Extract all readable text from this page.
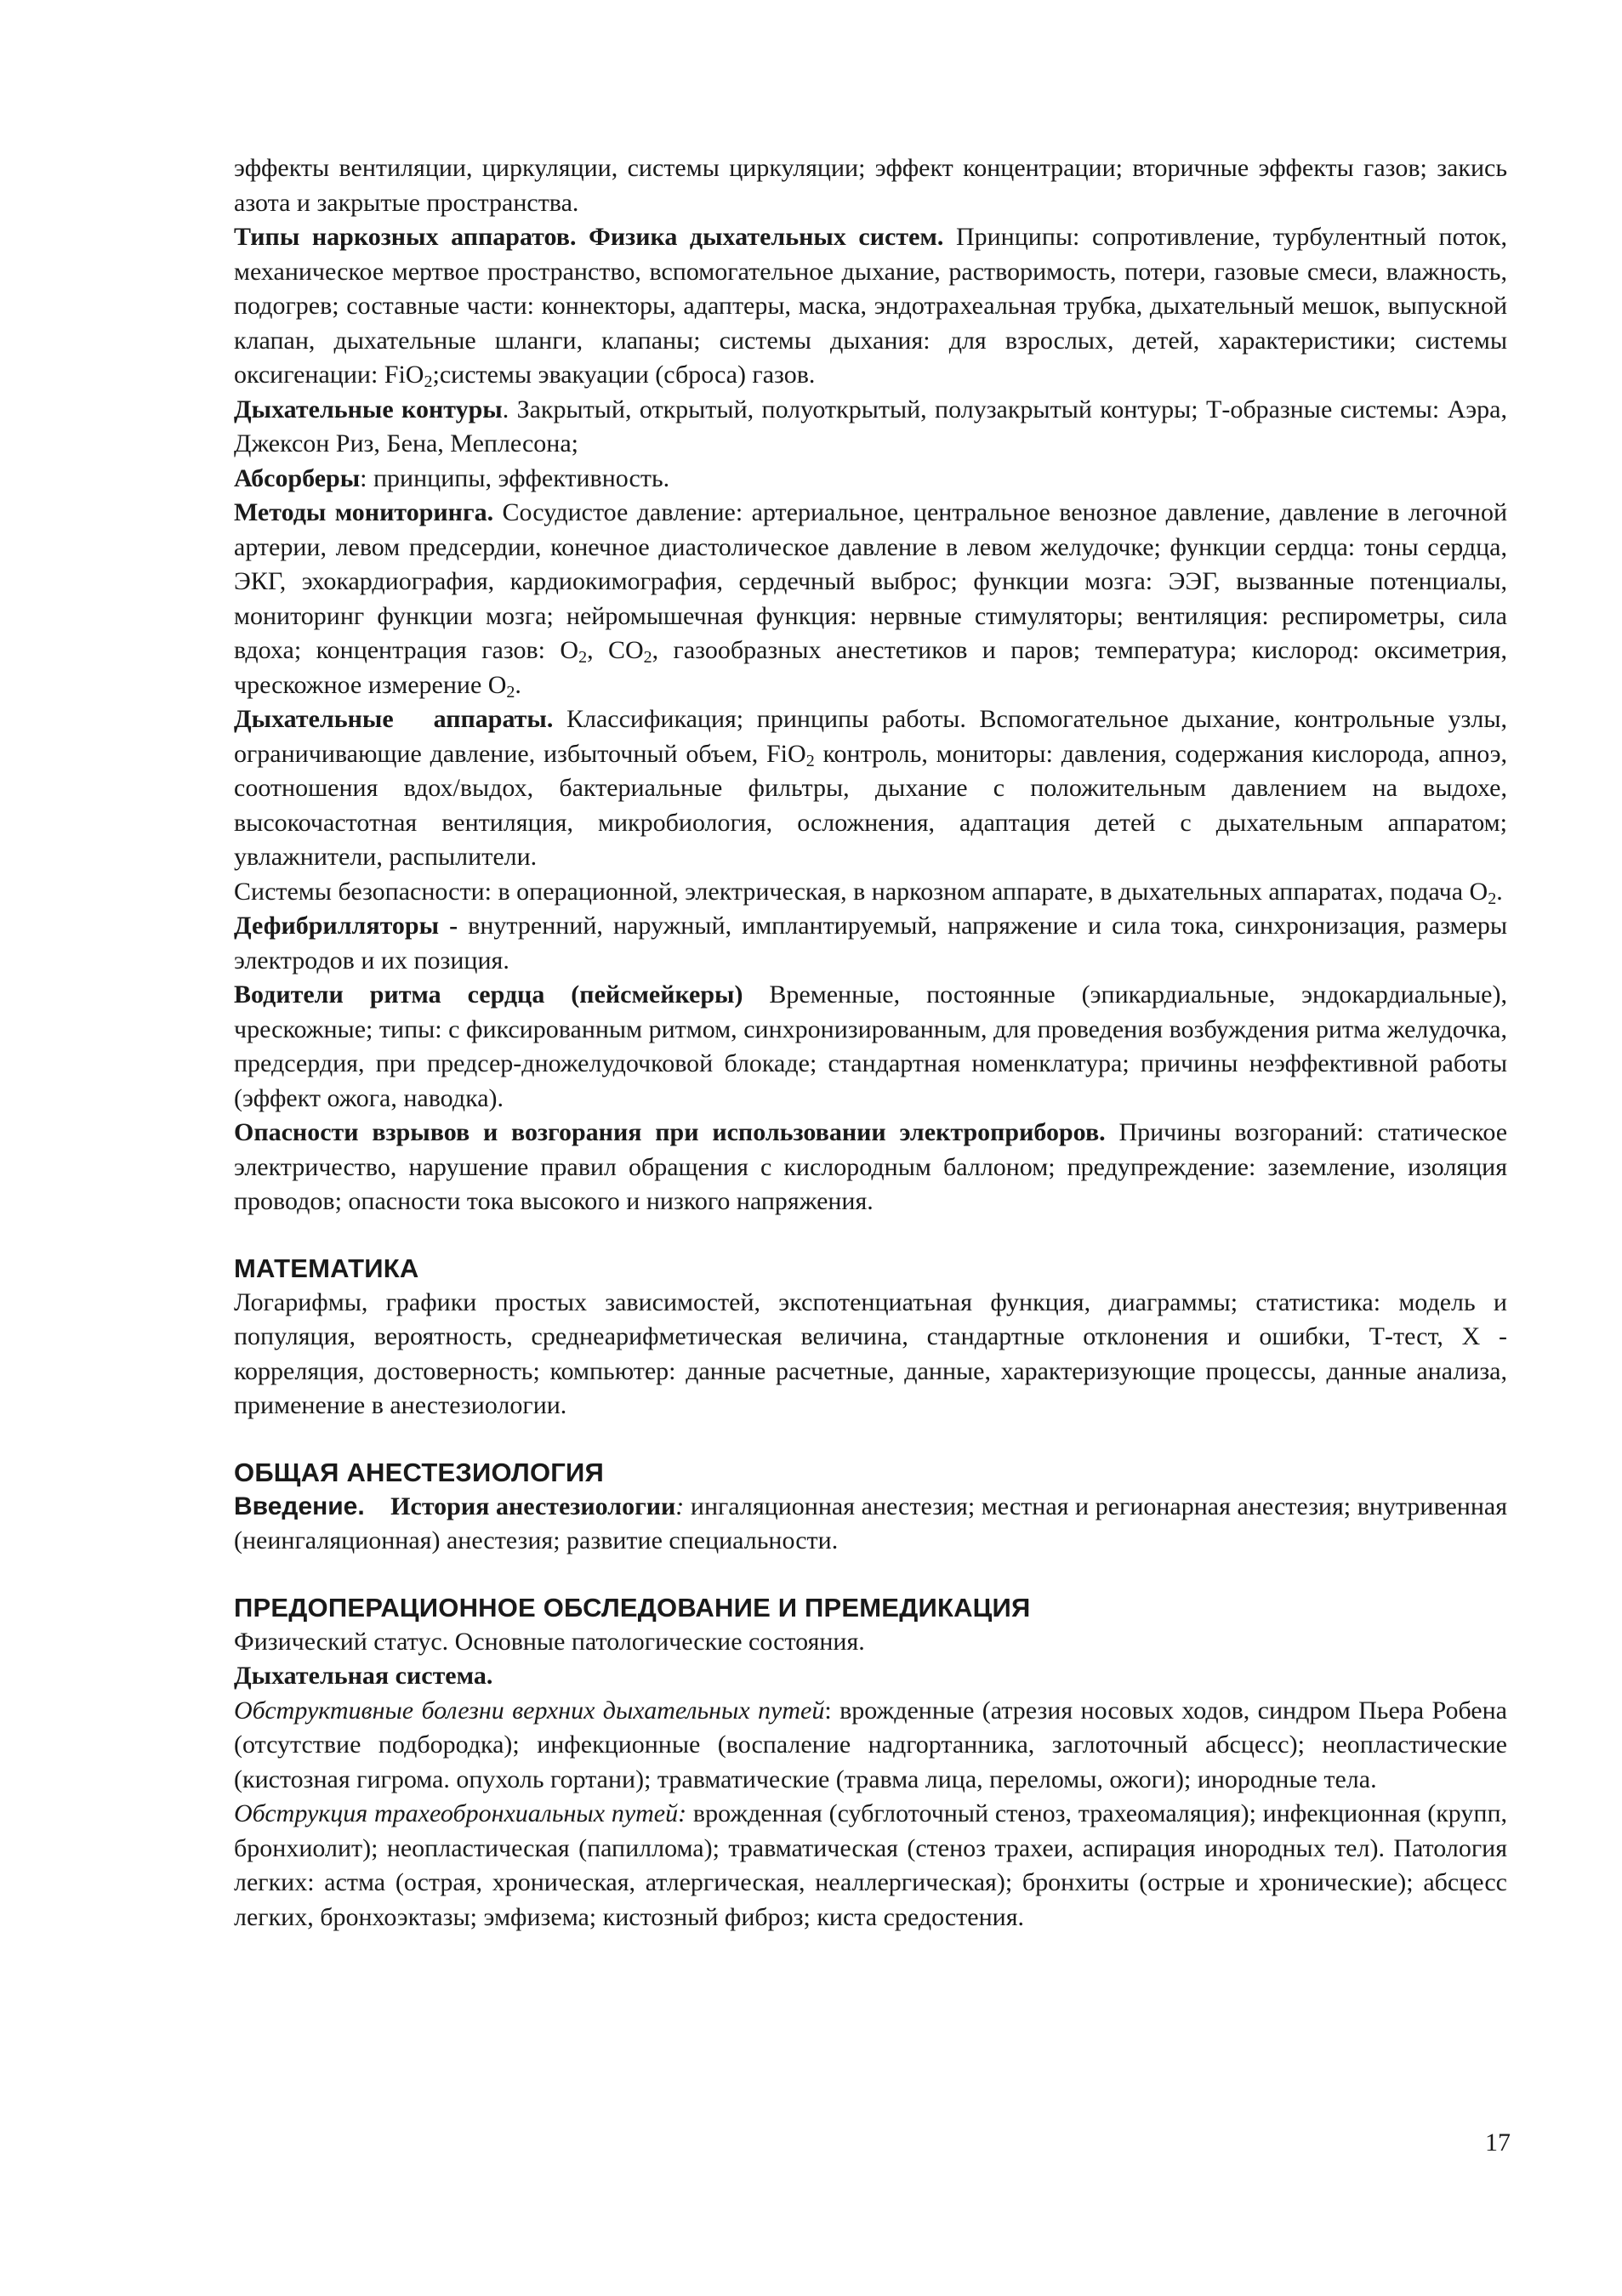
эффекты вентиляции, циркуляции, системы циркуляции; эффект концентрации; вторичные эффекты газов; закись азота и закрытые пространства.

Типы наркозных аппаратов. Физика дыхательных систем. Принципы: сопротивление, турбулентный поток, механическое мертвое пространство, вспомогательное дыхание, растворимость, потери, газовые смеси, влажность, подогрев; составные части: коннекторы, адаптеры, маска, эндотрахеальная трубка, дыхательный мешок, выпускной клапан, дыхательные шланги, клапаны; системы дыхания: для взрослых, детей, характеристики; системы оксигенации: FiO$_2$;системы эвакуации (сброса) газов.

Дыхательные контуры. Закрытый, открытый, полуоткрытый, полузакрытый контуры; Т-образные системы: Аэра, Джексон Риз, Бена, Меплесона;

Абсорберы: принципы, эффективность.

Методы мониторинга. Сосудистое давление: артериальное, центральное венозное давление, давление в легочной артерии, левом предсердии, конечное диастолическое давление в левом желудочке; функции сердца: тоны сердца, ЭКГ, эхокардиография, кардиокимография, сердечный выброс; функции мозга: ЭЭГ, вызванные потенциалы, мониторинг функции мозга; нейромышечная функция: нервные стимуляторы; вентиляция: респирометры, сила вдоха; концентрация газов: $O_2$, $CO_2$, газообразных анестетиков и паров; температура; кислород: оксиметрия, чрескожное измерение $O_2$.

Дыхательные   аппараты. Классификация; принципы работы. Вспомогательное дыхание, контрольные узлы, ограничивающие давление, избыточный объем, FiO$_2$ контроль, мониторы: давления, содержания кислорода, апноэ, соотношения вдох/выдох, бактериальные фильтры, дыхание с положительным давлением на выдохе, высокочастотная вентиляция, микробиология, осложнения, адаптация детей с дыхательным аппаратом; увлажнители, распылители.

Системы безопасности: в операционной, электрическая, в наркозном аппарате, в дыхательных аппаратах, подача $O_2$.

Дефибрилляторы - внутренний, наружный, имплантируемый, напряжение и сила тока, синхронизация, размеры электродов и их позиция.

Водители ритма сердца (пейсмейкеры) Временные, постоянные (эпикардиальные, эндокардиальные), чрескожные; типы: с фиксированным ритмом, синхронизированным, для проведения возбуждения ритма желудочка, предсердия, при предсер-дножелудочковой блокаде; стандартная номенклатура; причины неэффективной работы (эффект ожога, наводка).

Опасности взрывов и возгорания при использовании электроприборов. Причины возгораний: статическое электричество, нарушение правил обращения с кислородным баллоном; предупреждение: заземление, изоляция проводов; опасности тока высокого и низкого напряжения.

МАТЕМАТИКА

Логарифмы, графики простых зависимостей, экспотенциатьная функция, диаграммы; статистика: модель и популяция, вероятность, среднеарифметическая величина, стандартные отклонения и ошибки, Т-тест, Х - корреляция, достоверность; компьютер: данные расчетные, данные, характеризующие процессы, данные анализа, применение в анестезиологии.

ОБЩАЯ АНЕСТЕЗИОЛОГИЯ

Введение. История анестезиологии: ингаляционная анестезия; местная и регионарная анестезия; внутривенная (неингаляционная) анестезия; развитие специальности.

ПРЕДОПЕРАЦИОННОЕ ОБСЛЕДОВАНИЕ И ПРЕМЕДИКАЦИЯ

Физический статус. Основные патологические состояния.

Дыхательная система.

Обструктивные болезни верхних дыхательных путей: врожденные (атрезия носовых ходов, синдром Пьера Робена (отсутствие подбородка); инфекционные (воспаление надгортанника, заглоточный абсцесс); неопластические (кистозная гигрома. опухоль гортани); травматические (травма лица, переломы, ожоги); инородные тела.

Обструкция трахеобронхиальных путей: врожденная (субглоточный стеноз, трахеомаляция); инфекционная (крупп, бронхиолит); неопластическая (папиллома); травматическая (стеноз трахеи, аспирация инородных тел). Патология легких: астма (острая, хроническая, атлергическая, неаллергическая); бронхиты (острые и хронические); абсцесс легких, бронхоэктазы; эмфизема; кистозный фиброз; киста средостения.

17
